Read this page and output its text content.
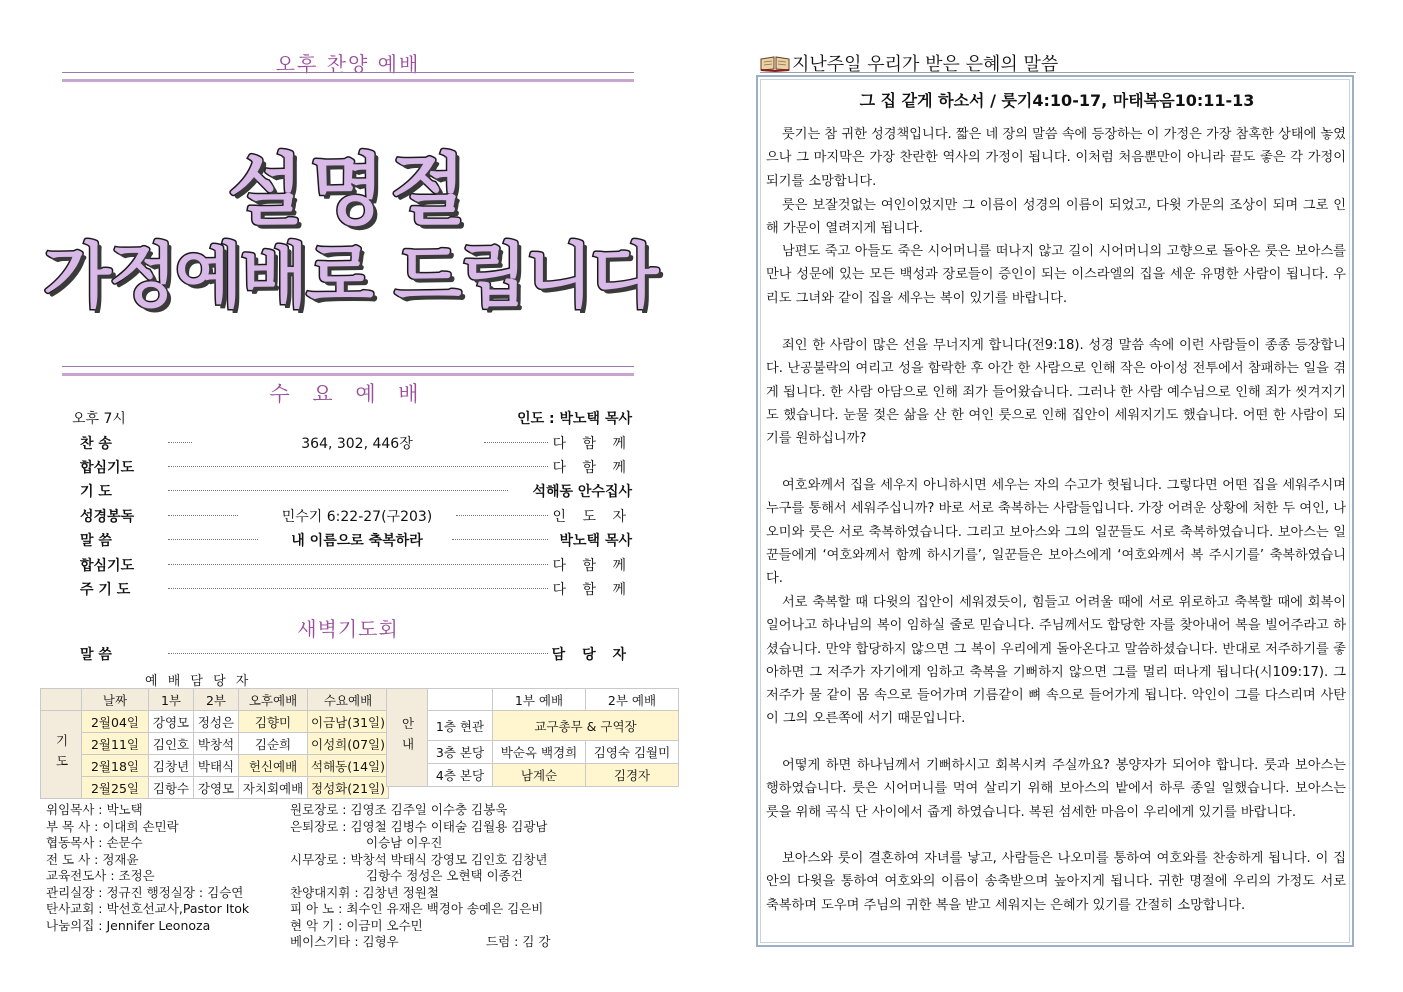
오후 찬양 예배
설명절
가정예배로 드립니다
수 요 예 배
오후 7시	인도 : 박노택 목사
찬 송	364, 302, 446장	다 함 께
합심기도	다 함 께
기 도	석해동 안수집사
성경봉독	민수기 6:22-27(구203)	인 도 자
말 씀	내 이름으로 축복하라	박노택 목사
합심기도	다 함 께
주 기 도	다 함 께
새벽기도회
말 씀	담 당 자
예 배 담 당 자
	날짜	1부	2부	오후예배	수요예배
기도	2월04일	강영모	정성은	김향미	이금남(31일)
	2월11일	김인호	박창석	김순희	이성희(07일)
	2월18일	김창년	박태식	헌신예배	석해동(14일)
	2월25일	김항수	강영모	자치회예배	정성화(21일)
안내		1부 예배	2부 예배
	1층 현관	교구총무 & 구역장	
	3층 본당	박순옥 백경희	김영숙 김월미
	4층 본당	남계순	김경자
위임목사 : 박노택
부 목 사 : 이대희 손민락
협동목사 : 손문수
전 도 사 : 정재윤
교육전도사 : 조정은
관리실장 : 정규진 행정실장 : 김승연
탄사교회 : 박선호선교사,Pastor Itok
나눔의집 : Jennifer Leonoza
원로장로 : 김영조 김주일 이수충 김봉욱
은퇴장로 : 김영철 김병수 이태술 김월용 김광남
이승남 이우진
시무장로 : 박창석 박태식 강영모 김인호 김창년
김항수 정성은 오현택 이종건
찬양대지휘 : 김창년 정원철
피 아 노 : 최수인 유재은 백경아 송예은 김은비
현 악 기 : 이금미 오수민
베이스기타 : 김형우	드럼 : 김 강
지난주일 우리가 받은 은혜의 말씀
그 집 같게 하소서 / 룻기4:10-17, 마태복음10:11-13

룻기는 참 귀한 성경책입니다. 짧은 네 장의 말씀 속에 등장하는 이 가정은 가장 참혹한 상태에 놓였으나 그 마지막은 가장 찬란한 역사의 가정이 됩니다. 이처럼 처음뿐만이 아니라 끝도 좋은 각 가정이 되기를 소망합니다.

룻은 보잘것없는 여인이었지만 그 이름이 성경의 이름이 되었고, 다윗 가문의 조상이 되며 그로 인해 가문이 열려지게 됩니다.

남편도 죽고 아들도 죽은 시어머니를 떠나지 않고 길이 시어머니의 고향으로 돌아온 룻은 보아스를 만나 성문에 있는 모든 백성과 장로들이 증인이 되는 이스라엘의 집을 세운 유명한 사람이 됩니다. 우리도 그녀와 같이 집을 세우는 복이 있기를 바랍니다.

죄인 한 사람이 많은 선을 무너지게 합니다(전9:18). 성경 말씀 속에 이런 사람들이 종종 등장합니다. 난공불락의 여리고 성을 함락한 후 아간 한 사람으로 인해 작은 아이성 전투에서 참패하는 일을 겪게 됩니다. 한 사람 아담으로 인해 죄가 들어왔습니다. 그러나 한 사람 예수님으로 인해 죄가 씻겨지기도 했습니다. 눈물 젖은 삶을 산 한 여인 룻으로 인해 집안이 세워지기도 했습니다. 어떤 한 사람이 되기를 원하십니까?

여호와께서 집을 세우지 아니하시면 세우는 자의 수고가 헛됩니다. 그렇다면 어떤 집을 세워주시며 누구를 통해서 세워주십니까? 바로 서로 축복하는 사람들입니다. 가장 어려운 상황에 처한 두 여인, 나오미와 룻은 서로 축복하였습니다. 그리고 보아스와 그의 일꾼들도 서로 축복하였습니다. 보아스는 일꾼들에게 ‘여호와께서 함께 하시기를’, 일꾼들은 보아스에게 ‘여호와께서 복 주시기를’ 축복하였습니다.

서로 축복할 때 다윗의 집안이 세워졌듯이, 힘들고 어려울 때에 서로 위로하고 축복할 때에 회복이 일어나고 하나님의 복이 임하실 줄로 믿습니다. 주님께서도 합당한 자를 찾아내어 복을 빌어주라고 하셨습니다. 만약 합당하지 않으면 그 복이 우리에게 돌아온다고 말씀하셨습니다. 반대로 저주하기를 좋아하면 그 저주가 자기에게 임하고 축복을 기뻐하지 않으면 그를 멀리 떠나게 됩니다(시109:17). 그 저주가 물 같이 몸 속으로 들어가며 기름같이 뼈 속으로 들어가게 됩니다. 악인이 그를 다스리며 사탄이 그의 오른쪽에 서기 때문입니다.

어떻게 하면 하나님께서 기뻐하시고 회복시켜 주실까요? 봉양자가 되어야 합니다. 룻과 보아스는 행하였습니다. 룻은 시어머니를 먹여 살리기 위해 보아스의 밭에서 하루 종일 일했습니다. 보아스는 룻을 위해 곡식 단 사이에서 줍게 하였습니다. 복된 섬세한 마음이 우리에게 있기를 바랍니다.

보아스와 룻이 결혼하여 자녀를 낳고, 사람들은 나오미를 통하여 여호와를 찬송하게 됩니다. 이 집안의 다윗을 통하여 여호와의 이름이 송축받으며 높아지게 됩니다. 귀한 명절에 우리의 가정도 서로 축복하며 도우며 주님의 귀한 복을 받고 세워지는 은혜가 있기를 간절히 소망합니다.
